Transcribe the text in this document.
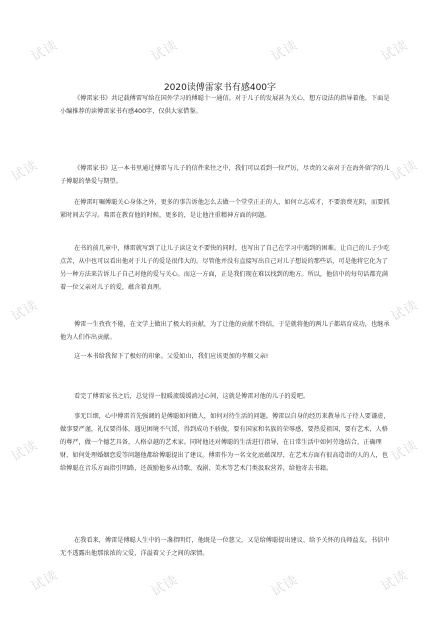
试读	试读	试读	试读
试读	试读
试读	试读
试读	试读
试读	试读	试读	试读
2020读傅雷家书有感400字

《傅雷家书》共记载傅雷写给在国外学习的傅聪十一通信。对于儿子的发展甚为关心，想方设法的指导着他。下面是小编推荐的读傅雷家书有感400字，仅供大家借鉴。

《傅雷家书》这一本书里通过傅雷与儿子的信件来往之中，我们可以看到一位严厉，尽责的父亲对于在海外留学的儿子傅聪的挚爱与期望。

在傅雷叮嘱傅聪关心身体之外，更多的事告诉他怎么去做一个堂堂正正的人，如何立志成才，不要浪费光阴，而要抓紧时间去学习。弗雷在教育他的时候，更多的，是让他注重精神方面的问题。

在书的前几章中，傅雷就写到了让儿子读这文不要快的同时，也写出了自己在学习中遇到的困难。让自己的儿子少吃点苦，从中也可以看出他对于儿子的爱是很伟大的。尽管他并没有直接写出自己对儿子想说的那些话，可是他将它化为了另一种方法来告诉儿子自己对他的爱与关心。而这一方面，正是我们现在难以找到的地方。所以，他信中的每句话都充满着一位父亲对儿子的爱，蕴含着真理。

傅雷一生孜孜不倦，在文学上做出了极大的贡献，为了让他的贡献不终结，于是就将他的两儿子都培育成功，也继承他为人们作出贡献。

这一本书给我留下了极好的印象。父爱如山，我们应该更加的孝顺父亲!

看完了傅雷家书之后，总觉得一股暖流缓缓淌过心间，这就是傅雷对他的儿子的爱吧。

事无巨细，心中傅雷首先强调的是傅聪如何做人，如何对待生活的问题。傅雷以自身的经历来教导儿子待人要谦虚，做事要严谨，礼仪要得体，遇见困境不气馁，得到成功不骄傲，要有国家和名族的荣辱感，要热爱祖国，要有艺术，人格的尊严，做一个德艺具备，人格卓越的艺术家。同时他还对傅聪的生活进行指导，在日常生活中如何劳逸结合，正确理财，如何处理婚姻恋爱等问题他都给傅聪提出了建议。傅雷作为一名文化底蕴深厚，在艺术方面有很高造诣的人的人，也给傅聪在音乐方面指引明路，还鼓励他多从诗歌、戏剧、美术等艺术门类汲取营养，给他寄去书籍。

在我看来，傅雷是傅聪人生中的一盏指明灯，他既是一位慈父，又是给傅聪提出建议、给予关怀的良师益友。书信中无不透露出他那浓浓的父爱，洋溢着父子之间的深情。
